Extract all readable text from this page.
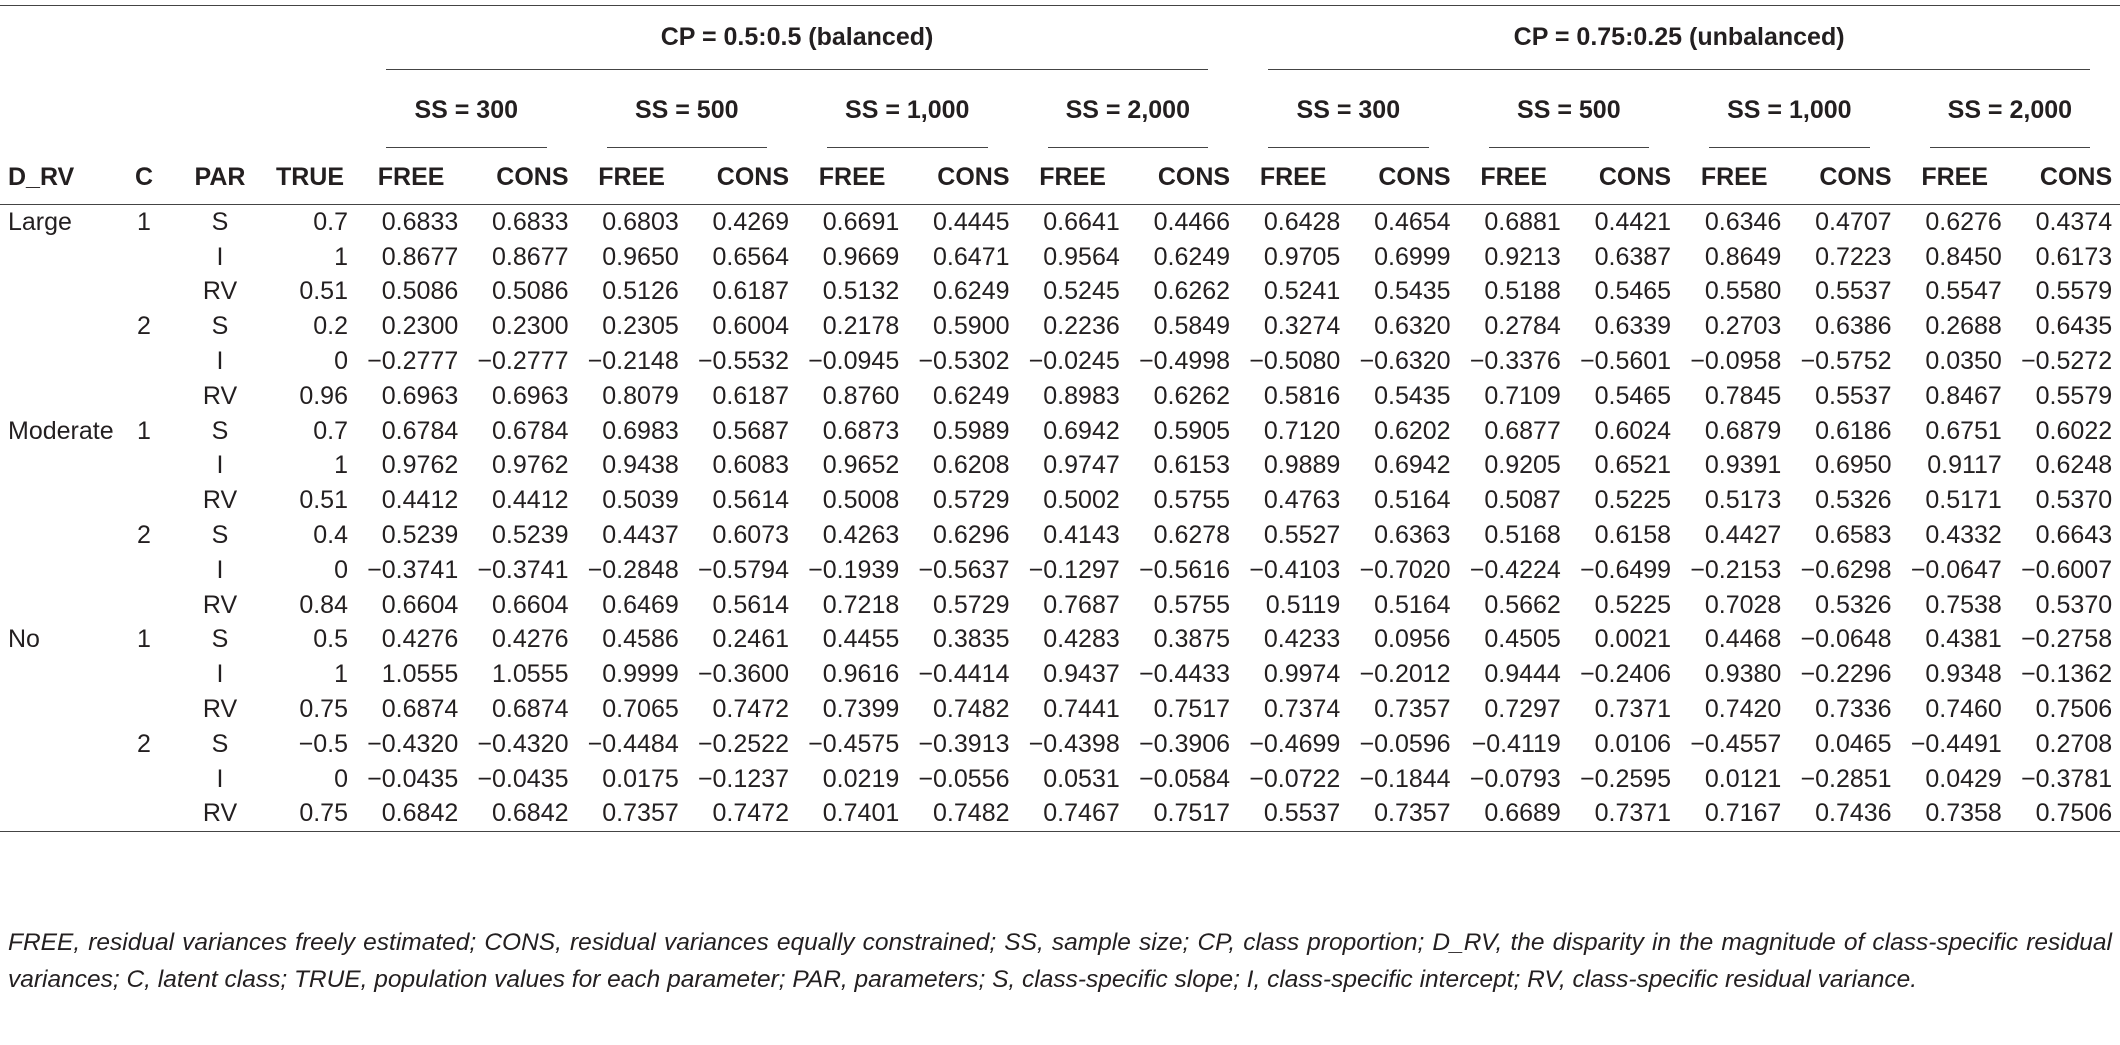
				CP = 0.5:0.5 (balanced)								CP = 0.75:0.25 (unbalanced)							
				SS = 300		SS = 500		SS = 1,000		SS = 2,000		SS = 300		SS = 500		SS = 1,000		SS = 2,000	
D_RV	C	PAR	TRUE	FREE	CONS	FREE	CONS	FREE	CONS	FREE	CONS	FREE	CONS	FREE	CONS	FREE	CONS	FREE	CONS
Large	1	S	0.7	0.6833	0.6833	0.6803	0.4269	0.6691	0.4445	0.6641	0.4466	0.6428	0.4654	0.6881	0.4421	0.6346	0.4707	0.6276	0.4374
		I	1	0.8677	0.8677	0.9650	0.6564	0.9669	0.6471	0.9564	0.6249	0.9705	0.6999	0.9213	0.6387	0.8649	0.7223	0.8450	0.6173
		RV	0.51	0.5086	0.5086	0.5126	0.6187	0.5132	0.6249	0.5245	0.6262	0.5241	0.5435	0.5188	0.5465	0.5580	0.5537	0.5547	0.5579
	2	S	0.2	0.2300	0.2300	0.2305	0.6004	0.2178	0.5900	0.2236	0.5849	0.3274	0.6320	0.2784	0.6339	0.2703	0.6386	0.2688	0.6435
		I	0	−0.2777	−0.2777	−0.2148	−0.5532	−0.0945	−0.5302	−0.0245	−0.4998	−0.5080	−0.6320	−0.3376	−0.5601	−0.0958	−0.5752	0.0350	−0.5272
		RV	0.96	0.6963	0.6963	0.8079	0.6187	0.8760	0.6249	0.8983	0.6262	0.5816	0.5435	0.7109	0.5465	0.7845	0.5537	0.8467	0.5579
Moderate	1	S	0.7	0.6784	0.6784	0.6983	0.5687	0.6873	0.5989	0.6942	0.5905	0.7120	0.6202	0.6877	0.6024	0.6879	0.6186	0.6751	0.6022
		I	1	0.9762	0.9762	0.9438	0.6083	0.9652	0.6208	0.9747	0.6153	0.9889	0.6942	0.9205	0.6521	0.9391	0.6950	0.9117	0.6248
		RV	0.51	0.4412	0.4412	0.5039	0.5614	0.5008	0.5729	0.5002	0.5755	0.4763	0.5164	0.5087	0.5225	0.5173	0.5326	0.5171	0.5370
	2	S	0.4	0.5239	0.5239	0.4437	0.6073	0.4263	0.6296	0.4143	0.6278	0.5527	0.6363	0.5168	0.6158	0.4427	0.6583	0.4332	0.6643
		I	0	−0.3741	−0.3741	−0.2848	−0.5794	−0.1939	−0.5637	−0.1297	−0.5616	−0.4103	−0.7020	−0.4224	−0.6499	−0.2153	−0.6298	−0.0647	−0.6007
		RV	0.84	0.6604	0.6604	0.6469	0.5614	0.7218	0.5729	0.7687	0.5755	0.5119	0.5164	0.5662	0.5225	0.7028	0.5326	0.7538	0.5370
No	1	S	0.5	0.4276	0.4276	0.4586	0.2461	0.4455	0.3835	0.4283	0.3875	0.4233	0.0956	0.4505	0.0021	0.4468	−0.0648	0.4381	−0.2758
		I	1	1.0555	1.0555	0.9999	−0.3600	0.9616	−0.4414	0.9437	−0.4433	0.9974	−0.2012	0.9444	−0.2406	0.9380	−0.2296	0.9348	−0.1362
		RV	0.75	0.6874	0.6874	0.7065	0.7472	0.7399	0.7482	0.7441	0.7517	0.7374	0.7357	0.7297	0.7371	0.7420	0.7336	0.7460	0.7506
	2	S	−0.5	−0.4320	−0.4320	−0.4484	−0.2522	−0.4575	−0.3913	−0.4398	−0.3906	−0.4699	−0.0596	−0.4119	0.0106	−0.4557	0.0465	−0.4491	0.2708
		I	0	−0.0435	−0.0435	0.0175	−0.1237	0.0219	−0.0556	0.0531	−0.0584	−0.0722	−0.1844	−0.0793	−0.2595	0.0121	−0.2851	0.0429	−0.3781
		RV	0.75	0.6842	0.6842	0.7357	0.7472	0.7401	0.7482	0.7467	0.7517	0.5537	0.7357	0.6689	0.7371	0.7167	0.7436	0.7358	0.7506
FREE, residual variances freely estimated; CONS, residual variances equally constrained; SS, sample size; CP, class proportion; D_RV, the disparity in the magnitude of class-specific residual variances; C, latent class; TRUE, population values for each parameter; PAR, parameters; S, class-specific slope; I, class-specific intercept; RV, class-specific residual variance.
